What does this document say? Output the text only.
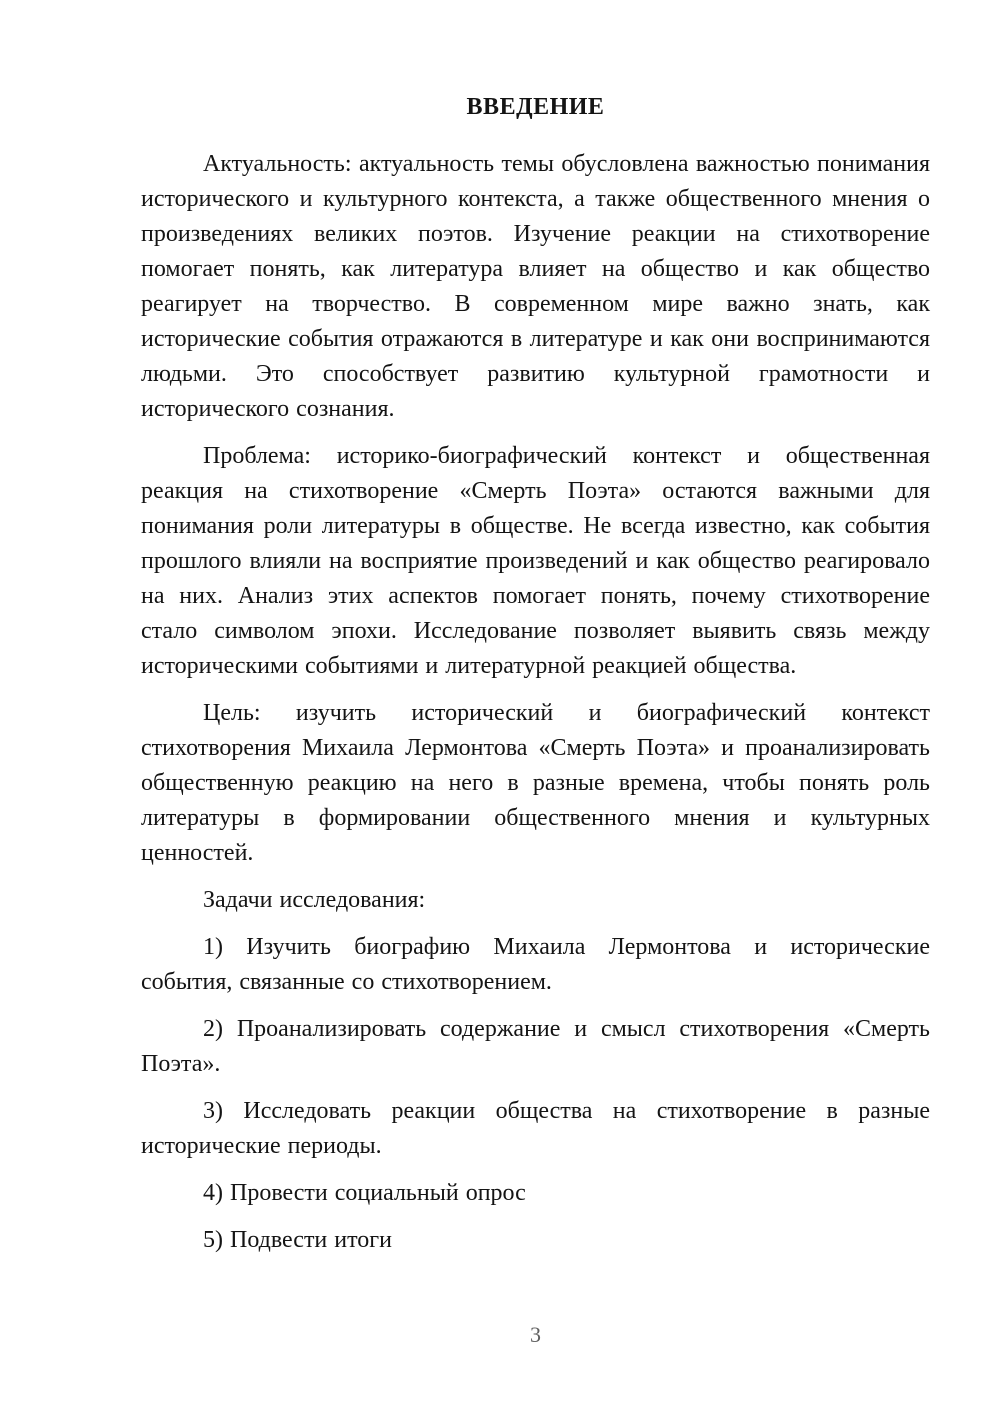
ВВЕДЕНИЕ

Актуальность: актуальность темы обусловлена важностью понимания исторического и культурного контекста, а также общественного мнения о произведениях великих поэтов. Изучение реакции на стихотворение помогает понять, как литература влияет на общество и как общество реагирует на творчество. В современном мире важно знать, как исторические события отражаются в литературе и как они воспринимаются людьми. Это способствует развитию культурной грамотности и исторического сознания.

Проблема: историко-биографический контекст и общественная реакция на стихотворение «Смерть Поэта» остаются важными для понимания роли литературы в обществе. Не всегда известно, как события прошлого влияли на восприятие произведений и как общество реагировало на них. Анализ этих аспектов помогает понять, почему стихотворение стало символом эпохи. Исследование позволяет выявить связь между историческими событиями и литературной реакцией общества.

Цель: изучить исторический и биографический контекст стихотворения Михаила Лермонтова «Смерть Поэта» и проанализировать общественную реакцию на него в разные времена, чтобы понять роль литературы в формировании общественного мнения и культурных ценностей.

Задачи исследования:

1) Изучить биографию Михаила Лермонтова и исторические события, связанные со стихотворением.

2) Проанализировать содержание и смысл стихотворения «Смерть Поэта».

3) Исследовать реакции общества на стихотворение в разные исторические периоды.

4) Провести социальный опрос

5) Подвести итоги

3
